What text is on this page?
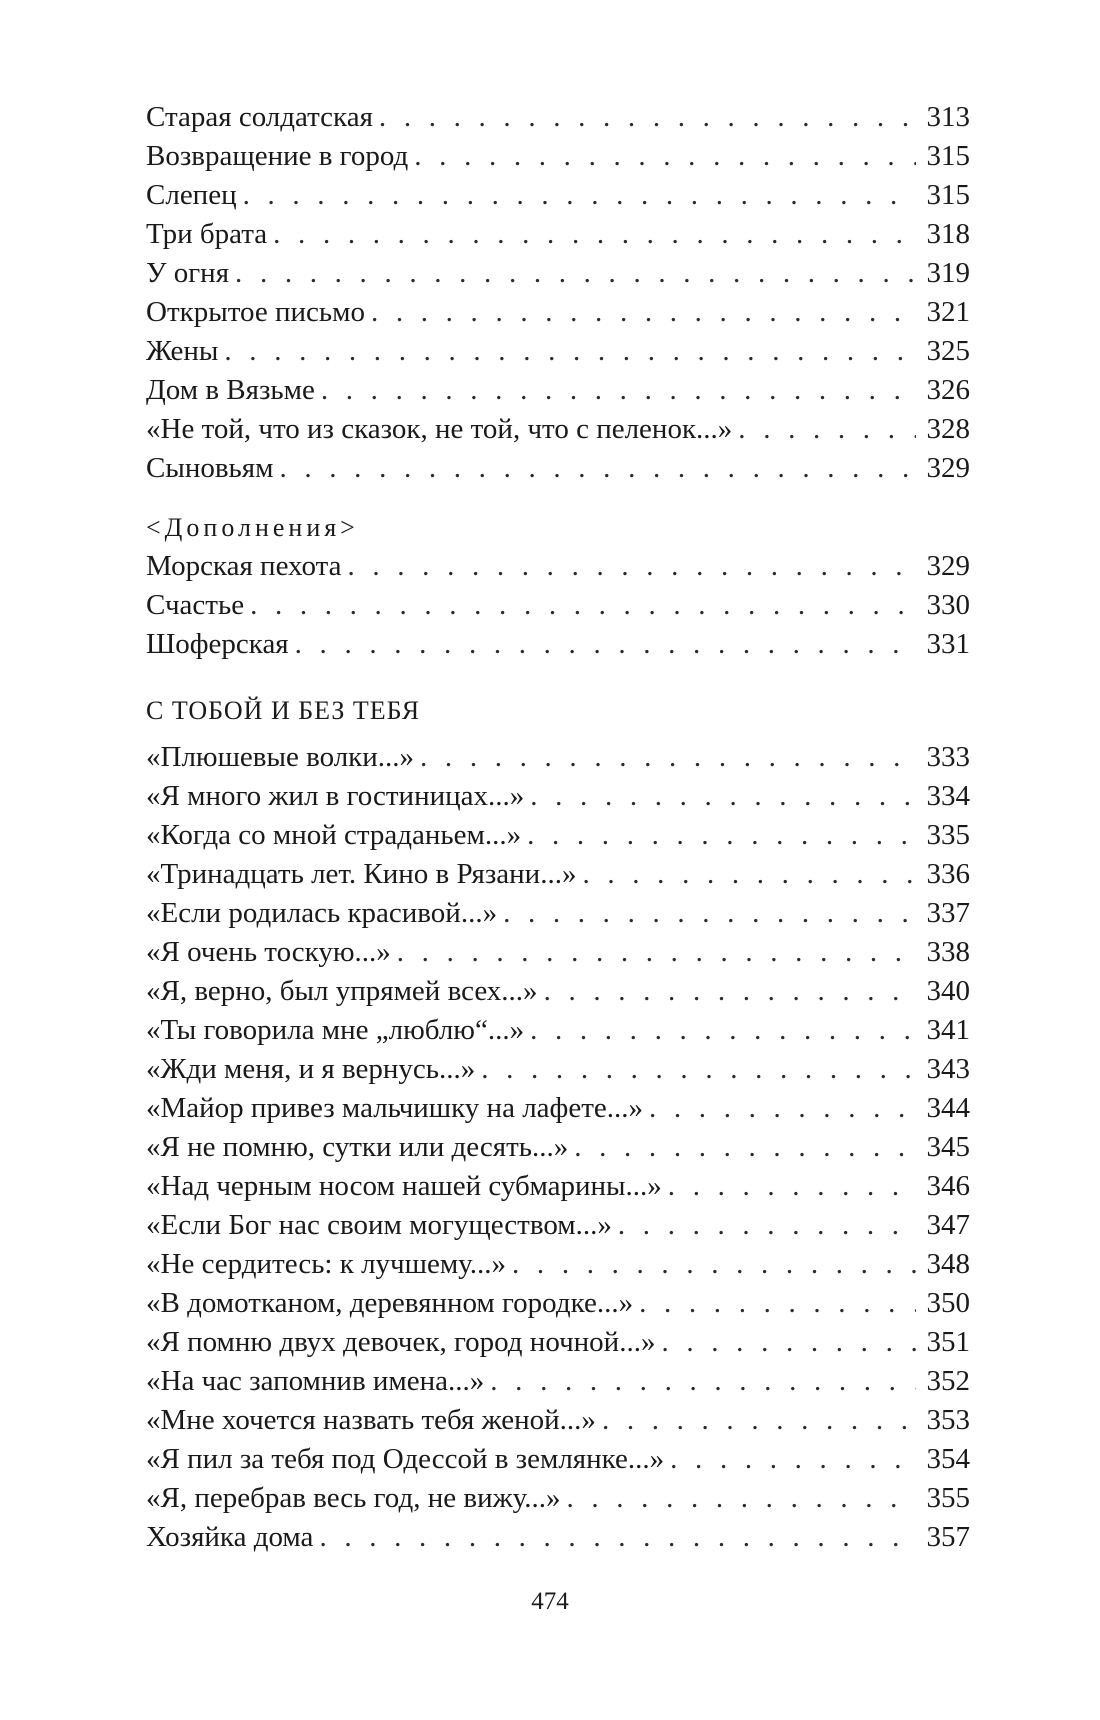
Старая солдатская . . .	313
Возвращение в город . . .	315
Слепец . . .	315
Три брата . . .	318
У огня . . .	319
Открытое письмо . . .	321
Жены . . .	325
Дом в Вязьме . . .	326
«Не той, что из сказок, не той, что с пеленок...» . . .	328
Сыновьям . . .	329
<Дополнения>
Морская пехота . . .	329
Счастье . . .	330
Шоферская . . .	331
С ТОБОЙ И БЕЗ ТЕБЯ
«Плюшевые волки...» . . .	333
«Я много жил в гостиницах...» . . .	334
«Когда со мной страданьем...» . . .	335
«Тринадцать лет. Кино в Рязани...» . . .	336
«Если родилась красивой...» . . .	337
«Я очень тоскую...» . . .	338
«Я, верно, был упрямей всех...» . . .	340
«Ты говорила мне „люблю“...» . . .	341
«Жди меня, и я вернусь...» . . .	343
«Майор привез мальчишку на лафете...» . . .	344
«Я не помню, сутки или десять...» . . .	345
«Над черным носом нашей субмарины...» . . .	346
«Если Бог нас своим могуществом...» . . .	347
«Не сердитесь: к лучшему...» . . .	348
«В домотканом, деревянном городке...» . . .	350
«Я помню двух девочек, город ночной...» . . .	351
«На час запомнив имена...» . . .	352
«Мне хочется назвать тебя женой...» . . .	353
«Я пил за тебя под Одессой в землянке...» . . .	354
«Я, перебрав весь год, не вижу...» . . .	355
Хозяйка дома . . .	357
474
